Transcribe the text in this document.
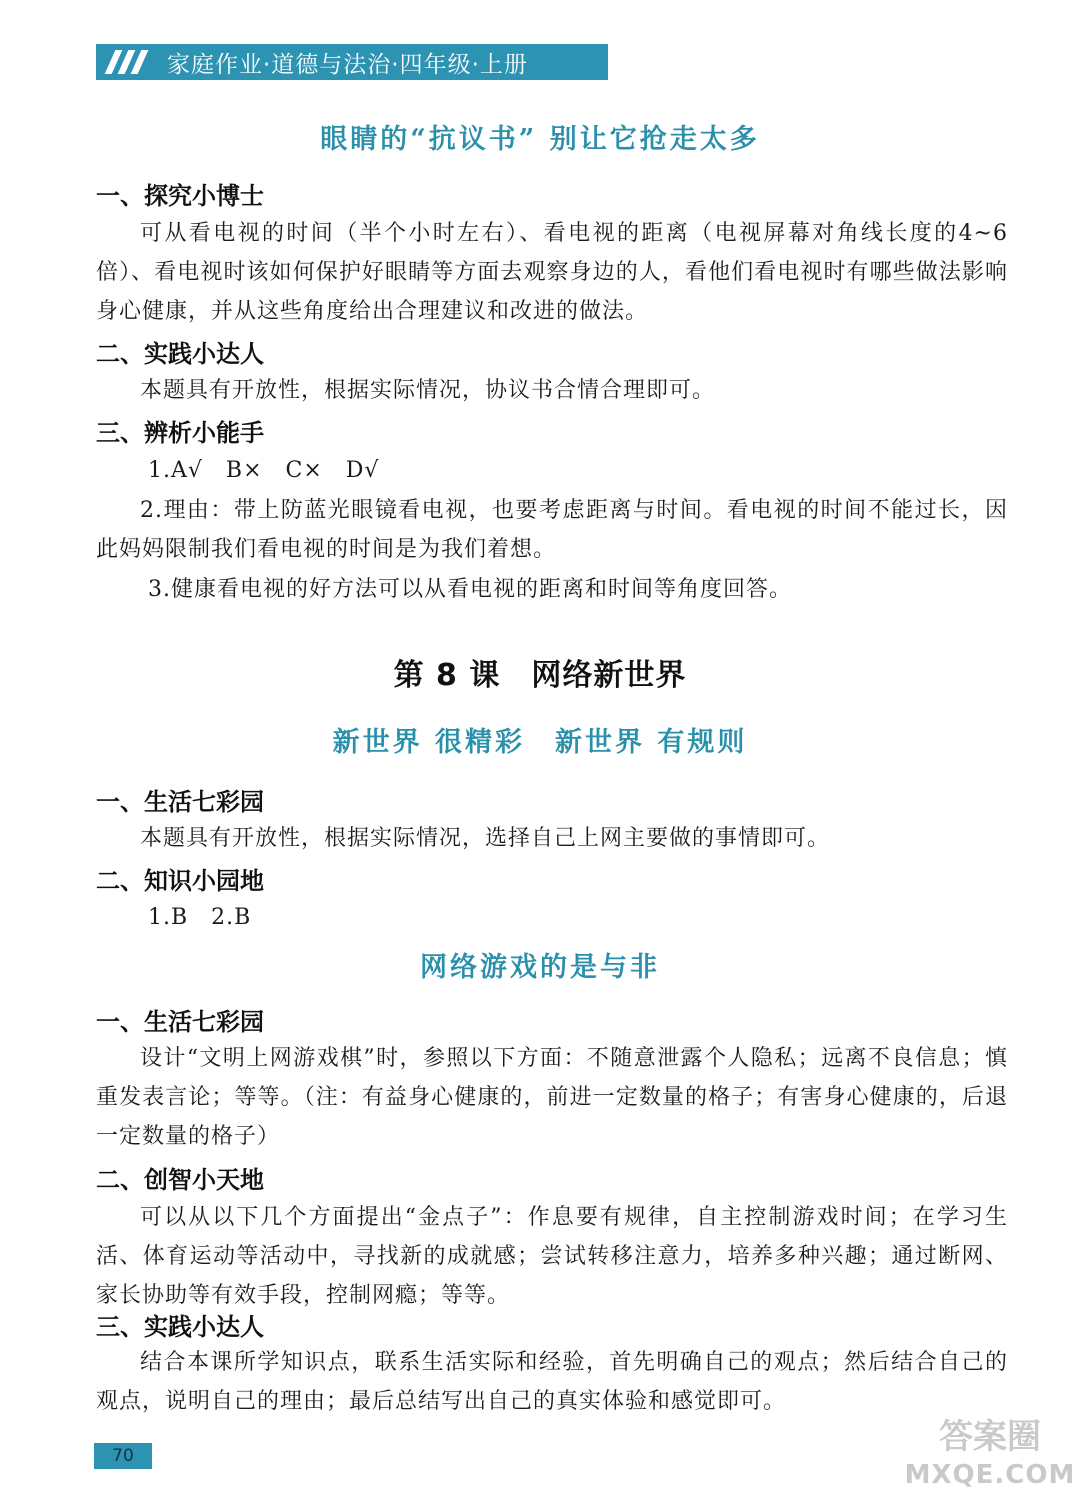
家庭作业·道德与法治·四年级·上册
眼睛的“抗议书” 别让它抢走太多
一、探究小博士

可从看电视的时间（半个小时左右）、看电视的距离（电视屏幕对角线长度的4~6倍）、看电视时该如何保护好眼睛等方面去观察身边的人，看他们看电视时有哪些做法影响身心健康，并从这些角度给出合理建议和改进的做法。

二、实践小达人

本题具有开放性，根据实际情况，协议书合情合理即可。

三、辨析小能手
1.A√　B×　C×　D√

2.理由：带上防蓝光眼镜看电视，也要考虑距离与时间。看电视的时间不能过长，因此妈妈限制我们看电视的时间是为我们着想。

3.健康看电视的好方法可以从看电视的距离和时间等角度回答。
第 8 课　网络新世界
新世界 很精彩　新世界 有规则
一、生活七彩园

本题具有开放性，根据实际情况，选择自己上网主要做的事情即可。

二、知识小园地
1.B　2.B
网络游戏的是与非
一、生活七彩园

设计“文明上网游戏棋”时，参照以下方面：不随意泄露个人隐私；远离不良信息；慎重发表言论；等等。（注：有益身心健康的，前进一定数量的格子；有害身心健康的，后退一定数量的格子）

二、创智小天地

可以从以下几个方面提出“金点子”：作息要有规律，自主控制游戏时间；在学习生活、体育运动等活动中，寻找新的成就感；尝试转移注意力，培养多种兴趣；通过断网、家长协助等有效手段，控制网瘾；等等。

三、实践小达人

结合本课所学知识点，联系生活实际和经验，首先明确自己的观点；然后结合自己的观点，说明自己的理由；最后总结写出自己的真实体验和感觉即可。

70	答案圈
MXQE.COM
